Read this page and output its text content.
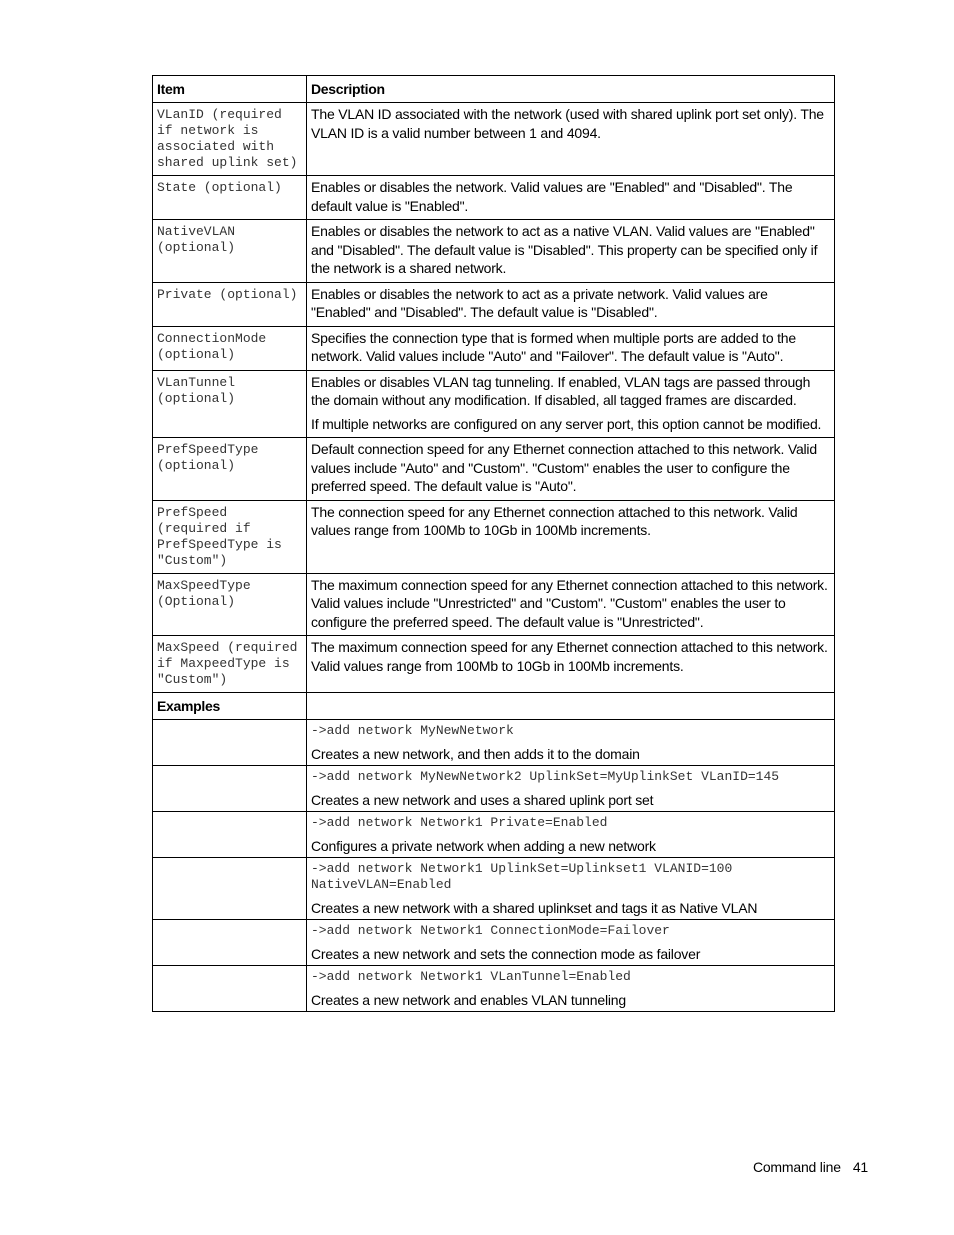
Item	Description
VLanID (required if network is associated with shared uplink set)	The VLAN ID associated with the network (used with shared uplink port set only). The VLAN ID is a valid number between 1 and 4094.

State (optional)	Enables or disables the network. Valid values are "Enabled" and "Disabled". The default value is "Enabled".

NativeVLAN (optional)	Enables or disables the network to act as a native VLAN. Valid values are "Enabled" and "Disabled". The default value is "Disabled". This property can be specified only if the network is a shared network.

Private (optional)	Enables or disables the network to act as a private network. Valid values are "Enabled" and "Disabled". The default value is "Disabled".

ConnectionMode (optional)	Specifies the connection type that is formed when multiple ports are added to the network. Valid values include "Auto" and "Failover". The default value is "Auto".

VLanTunnel (optional)	Enables or disables VLAN tag tunneling. If enabled, VLAN tags are passed through the domain without any modification. If disabled, all tagged frames are discarded.

If multiple networks are configured on any server port, this option cannot be modified.

PrefSpeedType (optional)	Default connection speed for any Ethernet connection attached to this network. Valid values include "Auto" and "Custom". "Custom" enables the user to configure the preferred speed. The default value is "Auto".

PrefSpeed (required if PrefSpeedType is "Custom")	The connection speed for any Ethernet connection attached to this network. Valid values range from 100Mb to 10Gb in 100Mb increments.

MaxSpeedType (Optional)	The maximum connection speed for any Ethernet connection attached to this network. Valid values include "Unrestricted" and "Custom". "Custom" enables the user to configure the preferred speed. The default value is "Unrestricted".

MaxSpeed (required if MaxpeedType is "Custom")	The maximum connection speed for any Ethernet connection attached to this network. Valid values range from 100Mb to 10Gb in 100Mb increments.

Examples	

	->add network MyNewNetwork

Creates a new network, and then adds it to the domain

	->add network MyNewNetwork2 UplinkSet=MyUplinkSet VLanID=145

Creates a new network and uses a shared uplink port set

	->add network Network1 Private=Enabled

Configures a private network when adding a new network

	->add network Network1 UplinkSet=Uplinkset1 VLANID=100 NativeVLAN=Enabled

Creates a new network with a shared uplinkset and tags it as Native VLAN

	->add network Network1 ConnectionMode=Failover

Creates a new network and sets the connection mode as failover

	->add network Network1 VLanTunnel=Enabled

Creates a new network and enables VLAN tunneling

Command line 41
